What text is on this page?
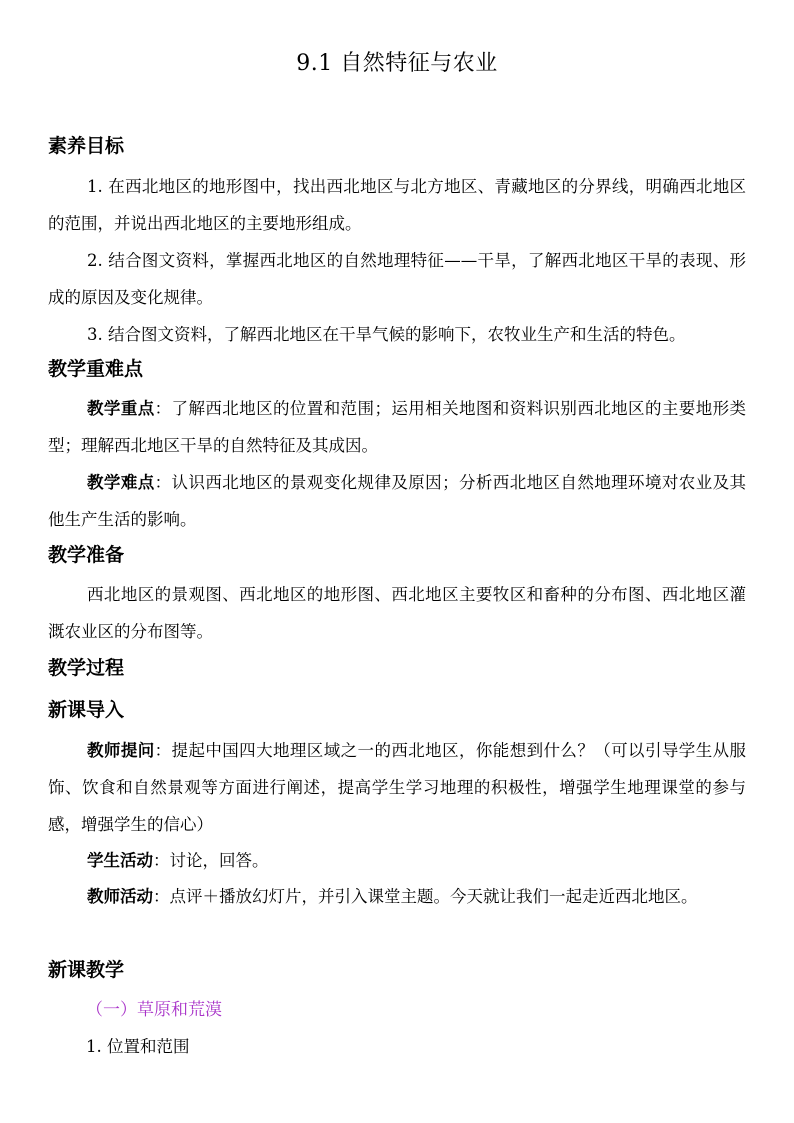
9.1 自然特征与农业
素养目标

1. 在西北地区的地形图中，找出西北地区与北方地区、青藏地区的分界线，明确西北地区的范围，并说出西北地区的主要地形组成。

2. 结合图文资料，掌握西北地区的自然地理特征——干旱，了解西北地区干旱的表现、形成的原因及变化规律。

3. 结合图文资料，了解西北地区在干旱气候的影响下，农牧业生产和生活的特色。

教学重难点

教学重点：了解西北地区的位置和范围；运用相关地图和资料识别西北地区的主要地形类型；理解西北地区干旱的自然特征及其成因。

教学难点：认识西北地区的景观变化规律及原因；分析西北地区自然地理环境对农业及其他生产生活的影响。

教学准备

西北地区的景观图、西北地区的地形图、西北地区主要牧区和畜种的分布图、西北地区灌溉农业区的分布图等。

教学过程
新课导入

教师提问：提起中国四大地理区域之一的西北地区，你能想到什么？（可以引导学生从服饰、饮食和自然景观等方面进行阐述，提高学生学习地理的积极性，增强学生地理课堂的参与感，增强学生的信心）

学生活动：讨论，回答。

教师活动：点评＋播放幻灯片，并引入课堂主题。今天就让我们一起走近西北地区。

新课教学
（一）草原和荒漠
1. 位置和范围
